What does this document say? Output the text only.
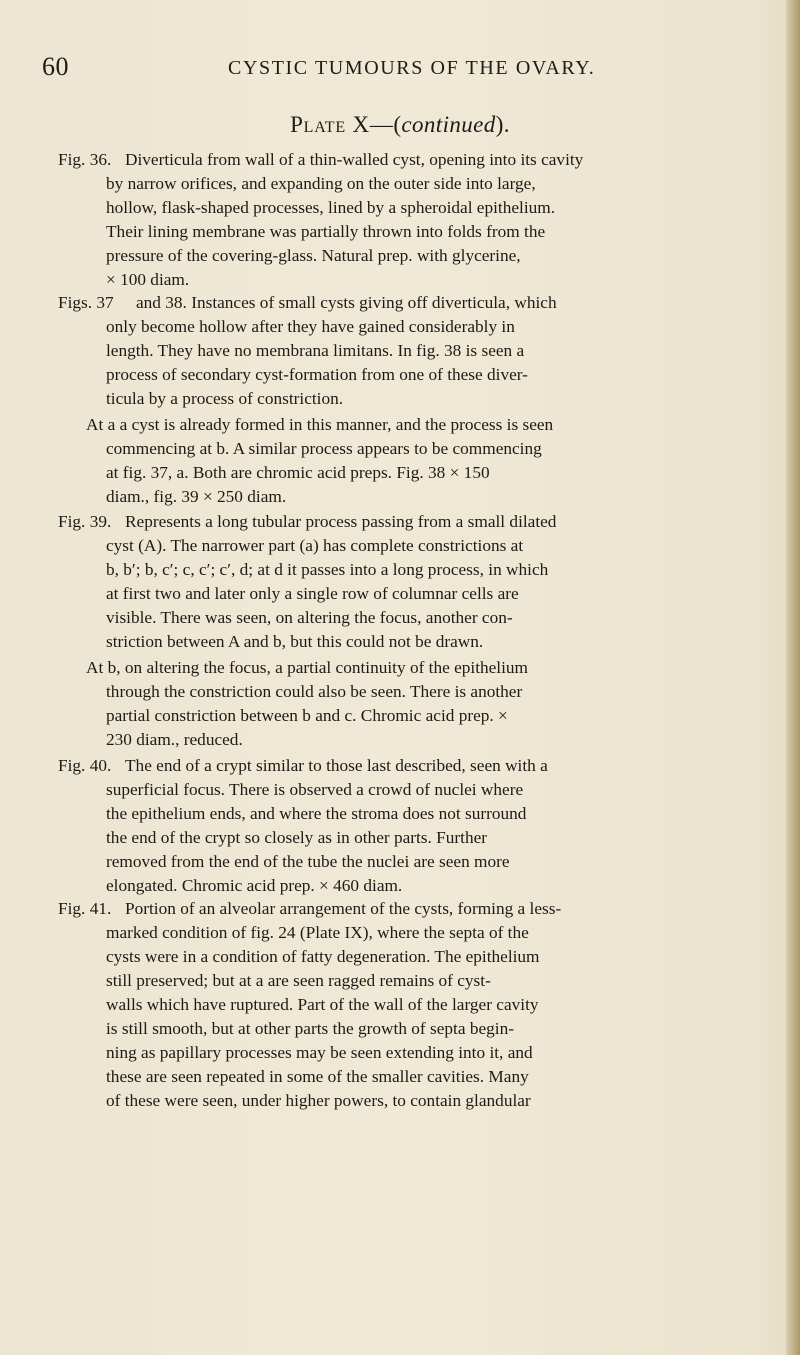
60	CYSTIC TUMOURS OF THE OVARY.
Plate X—(continued).
Fig. 36. Diverticula from wall of a thin-walled cyst, opening into its cavity
by narrow orifices, and expanding on the outer side into large,
hollow, flask-shaped processes, lined by a spheroidal epithelium.
Their lining membrane was partially thrown into folds from the
pressure of the covering-glass. Natural prep. with glycerine,
× 100 diam.
Figs. 37 and 38. Instances of small cysts giving off diverticula, which
only become hollow after they have gained considerably in
length. They have no membrana limitans. In fig. 38 is seen a
process of secondary cyst-formation from one of these diver-
ticula by a process of constriction.
At a a cyst is already formed in this manner, and the process is seen
commencing at b. A similar process appears to be commencing
at fig. 37, a. Both are chromic acid preps. Fig. 38 × 150
diam., fig. 39 × 250 diam.
Fig. 39. Represents a long tubular process passing from a small dilated
cyst (A). The narrower part (a) has complete constrictions at
b, b′; b, c′; c, c′; c′, d; at d it passes into a long process, in which
at first two and later only a single row of columnar cells are
visible. There was seen, on altering the focus, another con-
striction between A and b, but this could not be drawn.
At b, on altering the focus, a partial continuity of the epithelium
through the constriction could also be seen. There is another
partial constriction between b and c. Chromic acid prep. ×
230 diam., reduced.
Fig. 40. The end of a crypt similar to those last described, seen with a
superficial focus. There is observed a crowd of nuclei where
the epithelium ends, and where the stroma does not surround
the end of the crypt so closely as in other parts. Further
removed from the end of the tube the nuclei are seen more
elongated. Chromic acid prep. × 460 diam.
Fig. 41. Portion of an alveolar arrangement of the cysts, forming a less-
marked condition of fig. 24 (Plate IX), where the septa of the
cysts were in a condition of fatty degeneration. The epithelium
still preserved; but at a are seen ragged remains of cyst-
walls which have ruptured. Part of the wall of the larger cavity
is still smooth, but at other parts the growth of septa begin-
ning as papillary processes may be seen extending into it, and
these are seen repeated in some of the smaller cavities. Many
of these were seen, under higher powers, to contain glandular
